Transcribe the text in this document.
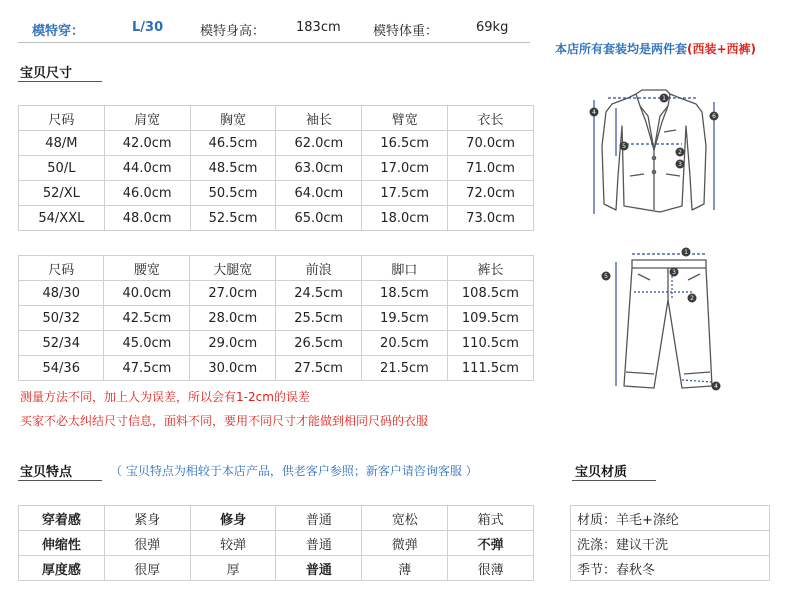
模特穿：	L/30	模特身高： 183cm 模特体重：	69kg
本店所有套装均是两件套(西装+西裤)
宝贝尺寸
尺码	肩宽	胸宽	袖长	臂宽	衣长
48/M	42.0cm	46.5cm	62.0cm	16.5cm	70.0cm
50/L	44.0cm	48.5cm	63.0cm	17.0cm	71.0cm
52/XL	46.0cm	50.5cm	64.0cm	17.5cm	72.0cm
54/XXL	48.0cm	52.5cm	65.0cm	18.0cm	73.0cm
尺码	腰宽	大腿宽	前浪	脚口	裤长
48/30	40.0cm	27.0cm	24.5cm	18.5cm	108.5cm
50/32	42.5cm	28.0cm	25.5cm	19.5cm	109.5cm
52/34	45.0cm	29.0cm	26.5cm	20.5cm	110.5cm
54/36	47.5cm	30.0cm	27.5cm	21.5cm	111.5cm
测量方法不同，加上人为误差，所以会有1-2cm的误差
买家不必太纠结尺寸信息，面料不同，要用不同尺寸才能做到相同尺码的衣服
宝贝特点	（ 宝贝特点为相较于本店产品，供老客户参照；新客户请咨询客服 ）
穿着感	紧身	修身	普通	宽松	箱式
伸缩性	很弹	较弹	普通	微弹	不弹
厚度感	很厚	厚	普通	薄	很薄
宝贝材质
材质：羊毛+涤纶
洗涤：建议干洗
季节：春秋冬
1
2
3
4
5
6
1
2
3
4
5
